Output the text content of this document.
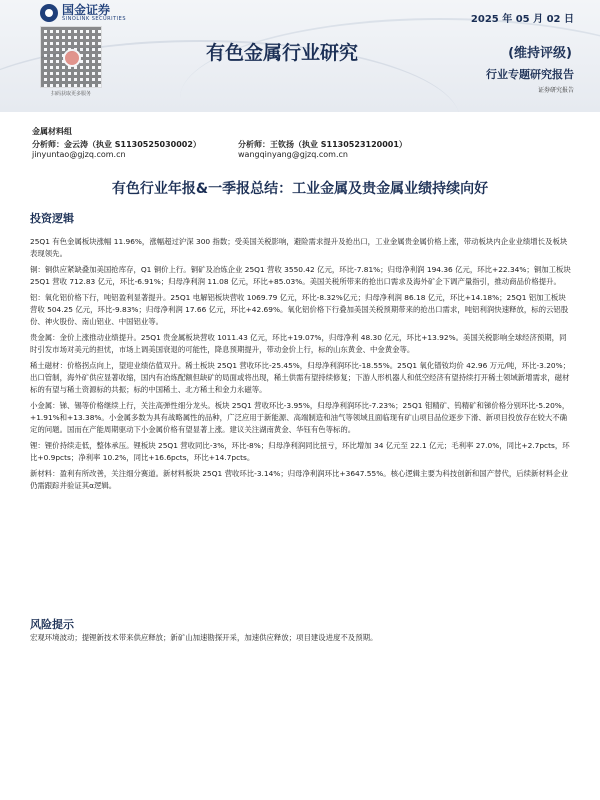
国金证券
SINOLINK SECURITIES
扫码获取更多服务
2025 年 05 月 02 日
有色金属行业研究	(维持评级)
行业专题研究报告
证券研究报告
金属材料组
分析师：金云涛（执业 S1130525030002）	分析师：王钦扬（执业 S1130523120001）
jinyuntao@gjzq.com.cn	wangqinyang@gjzq.com.cn
有色行业年报&一季报总结：工业金属及贵金属业绩持续向好
投资逻辑

25Q1 有色金属板块涨幅 11.96%，涨幅超过沪深 300 指数；受美国关税影响，避险需求提升及抢出口，工业金属贵金属价格上涨，带动板块内企业业绩增长及板块表现领先。

铜：铜供应紧缺叠加美国抢库存，Q1 铜价上行。铜矿及冶炼企业 25Q1 营收 3550.42 亿元，环比-7.81%；归母净利润 194.36 亿元，环比+22.34%；铜加工板块 25Q1 营收 712.83 亿元，环比-6.91%；归母净利润 11.08 亿元，环比+85.03%。美国关税所带来的抢出口需求及海外矿企下调产量指引，推动商品价格提升。

铝：氧化铝价格下行，吨铝盈利显著提升。25Q1 电解铝板块营收 1069.79 亿元，环比-8.32%亿元；归母净利润 86.18 亿元，环比+14.18%；25Q1 铝加工板块营收 504.25 亿元，环比-9.83%；归母净利润 17.66 亿元，环比+42.69%。氧化铝价格下行叠加美国关税预期带来的抢出口需求，吨铝利润快速释放，标的云铝股份、神火股份、南山铝业、中国铝业等。

贵金属：金价上涨推动业绩提升。25Q1 贵金属板块营收 1011.43 亿元，环比+19.07%，归母净利 48.30 亿元，环比+13.92%。美国关税影响全球经济预期，同时引发市场对美元的担忧，市场上调美国衰退的可能性，降息预期提升，带动金价上行，标的山东黄金、中金黄金等。

稀土磁材：价格拐点向上，望迎业绩估值双升。稀土板块 25Q1 营收环比-25.45%，归母净利润环比-18.55%。25Q1 氧化镨钕均价 42.96 万元/吨，环比-3.20%；出口管制，海外矿供应显著收缩，国内有冶炼配额但缺矿的局面或将出现，稀土供需有望持续修复；下游人形机器人和低空经济有望持续打开稀土领域新增需求，磁材标的有望与稀土资源标的共振；标的中国稀土、北方稀土和金力永磁等。

小金属：锑、锡等价格继续上行，关注高弹性细分龙头。板块 25Q1 营收环比-3.95%，归母净利润环比-7.23%；25Q1 钼精矿、钨精矿和锑价格分别环比-5.20%，+1.91%和+13.38%。小金属多数为具有战略属性的品种，广泛应用于新能源、高端制造和油气等领域且面临现有矿山项目品位逐步下滑、新项目投放存在较大不确定的问题。国而在产能周期驱动下小金属价格有望显著上涨。建议关注湖南黄金、华钰有色等标的。

锂：锂价持续走低，整体承压。锂板块 25Q1 营收同比-3%，环比-8%；归母净利润同比扭亏，环比增加 34 亿元至 22.1 亿元；毛利率 27.0%，同比+2.7pcts，环比+0.9pcts；净利率 10.2%，同比+16.6pcts，环比+14.7pcts。

新材料：盈利有所改善，关注细分赛道。新材料板块 25Q1 营收环比-3.14%；归母净利润环比+3647.55%。核心逻辑主要为科技创新和国产替代，后续新材料企业仍需跟踪并验证其α逻辑。

风险提示
宏观环境波动；提锂新技术带来供应释放；新矿山加速勘探开采，加速供应释放；项目建设进度不及预期。
